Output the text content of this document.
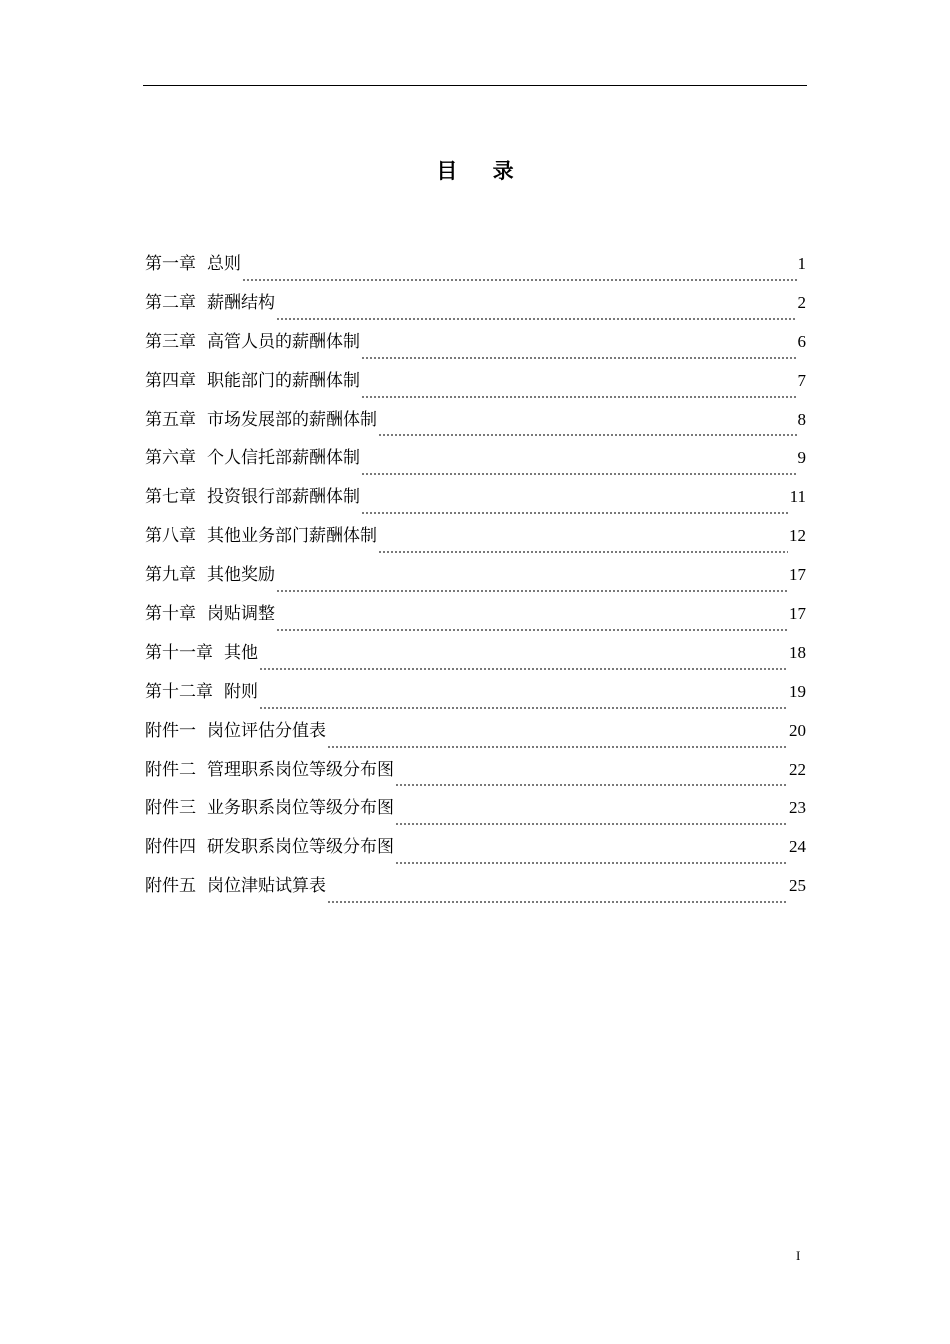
目 录
第一章 总则	1
第二章 薪酬结构	2
第三章 高管人员的薪酬体制	6
第四章 职能部门的薪酬体制	7
第五章 市场发展部的薪酬体制	8
第六章 个人信托部薪酬体制	9
第七章 投资银行部薪酬体制	11
第八章 其他业务部门薪酬体制	12
第九章 其他奖励	17
第十章 岗贴调整	17
第十一章 其他	18
第十二章 附则	19
附件一 岗位评估分值表	20
附件二 管理职系岗位等级分布图	22
附件三 业务职系岗位等级分布图	23
附件四 研发职系岗位等级分布图	24
附件五 岗位津贴试算表	25
I
